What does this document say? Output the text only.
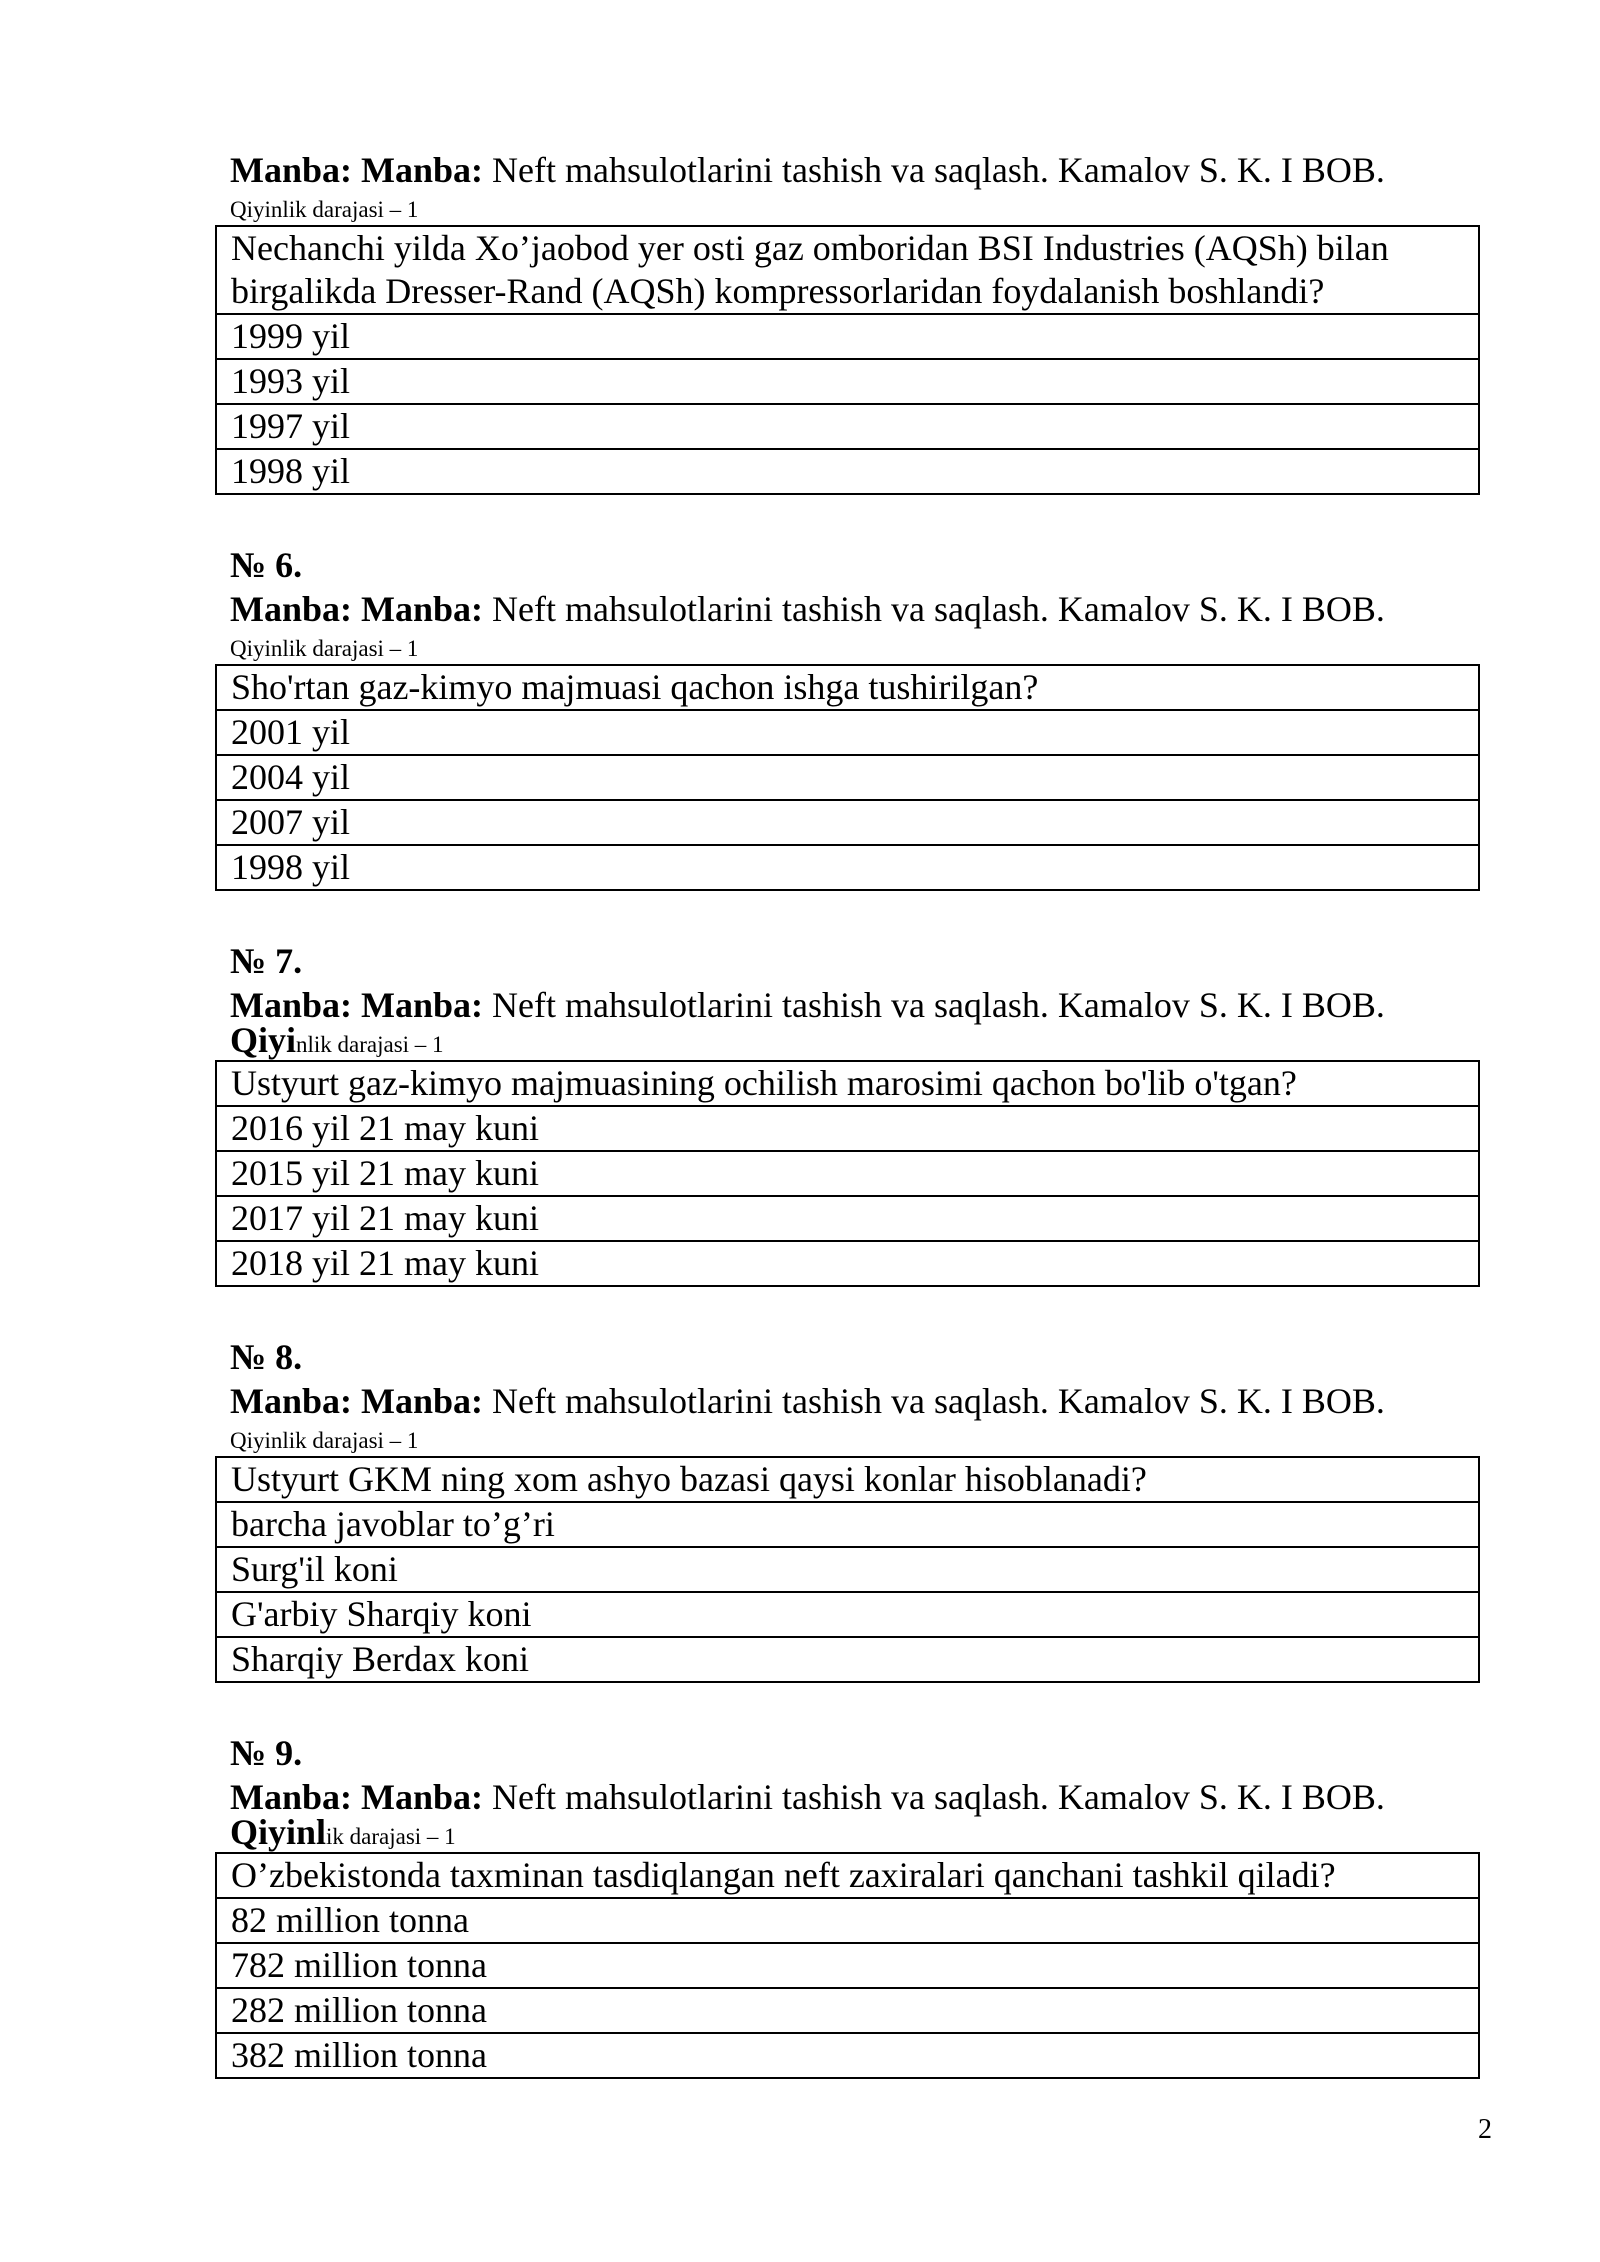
Manba: Manba: Neft mahsulotlarini tashish va saqlash. Kamalov S. K. I BOB.
Qiyinlik darajasi – 1
Nechanchi yilda Xo’jaobod yer osti gaz omboridan BSI Industries (AQSh) bilan birgalikda Dresser-Rand (AQSh) kompressorlaridan foydalanish boshlandi?
1999 yil
1993 yil
1997 yil
1998 yil
№ 6.
Manba: Manba: Neft mahsulotlarini tashish va saqlash. Kamalov S. K. I BOB.
Qiyinlik darajasi – 1
Sho'rtan gaz-kimyo majmuasi qachon ishga tushirilgan?
2001 yil
2004 yil
2007 yil
1998 yil
№ 7.
Manba: Manba: Neft mahsulotlarini tashish va saqlash. Kamalov S. K. I BOB.
Qiyinlik darajasi – 1
Ustyurt gaz-kimyo majmuasining ochilish marosimi qachon bo'lib o'tgan?
2016 yil 21 may kuni
2015 yil 21 may kuni
2017 yil 21 may kuni
2018 yil 21 may kuni
№ 8.
Manba: Manba: Neft mahsulotlarini tashish va saqlash. Kamalov S. K. I BOB.
Qiyinlik darajasi – 1
Ustyurt GKM ning xom ashyo bazasi qaysi konlar hisoblanadi?
barcha javoblar to’g’ri
Surg'il koni
G'arbiy Sharqiy koni
Sharqiy Berdax koni
№ 9.
Manba: Manba: Neft mahsulotlarini tashish va saqlash. Kamalov S. K. I BOB.
Qiyinlik darajasi – 1
O’zbekistonda taxminan tasdiqlangan neft zaxiralari qanchani tashkil qiladi?
82 million tonna
782 million tonna
282 million tonna
382 million tonna
2
